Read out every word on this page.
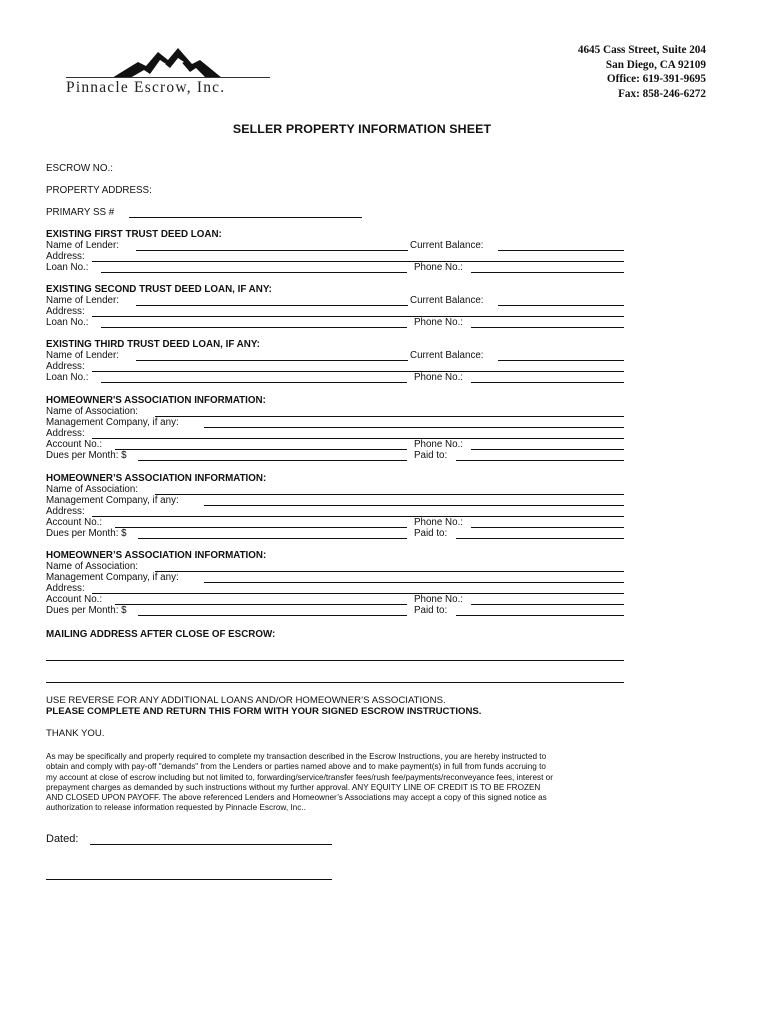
Pinnacle Escrow, Inc.
4645 Cass Street, Suite 204
San Diego, CA 92109
Office: 619-391-9695
Fax: 858-246-6272
SELLER PROPERTY INFORMATION SHEET
ESCROW NO.:
PROPERTY ADDRESS:
PRIMARY SS #
EXISTING FIRST TRUST DEED LOAN:
Name of Lender:	Current Balance:
Address:
Loan No.:	Phone No.:
EXISTING SECOND TRUST DEED LOAN, IF ANY:
Name of Lender:	Current Balance:
Address:
Loan No.:	Phone No.:
EXISTING THIRD TRUST DEED LOAN, IF ANY:
Name of Lender:	Current Balance:
Address:
Loan No.:	Phone No.:
HOMEOWNER'S ASSOCIATION INFORMATION:
Name of Association:
Management Company, if any:
Address:
Account No.:	Phone No.:
Dues per Month: $	Paid to:
HOMEOWNER’S ASSOCIATION INFORMATION:
Name of Association:
Management Company, if any:
Address:
Account No.:	Phone No.:
Dues per Month: $	Paid to:
HOMEOWNER’S ASSOCIATION INFORMATION:
Name of Association:
Management Company, if any:
Address:
Account No.:	Phone No.:
Dues per Month: $	Paid to:
MAILING ADDRESS AFTER CLOSE OF ESCROW:
USE REVERSE FOR ANY ADDITIONAL LOANS AND/OR HOMEOWNER’S ASSOCIATIONS.
PLEASE COMPLETE AND RETURN THIS FORM WITH YOUR SIGNED ESCROW INSTRUCTIONS.
THANK YOU.
As may be specifically and properly required to complete my transaction described in the Escrow Instructions, you are hereby instructed to
obtain and comply with pay-off "demands" from the Lenders or parties named above and to make payment(s) in full from funds accruing to
my account at close of escrow including but not limited to, forwarding/service/transfer fees/rush fee/payments/reconveyance fees, interest or
prepayment charges as demanded by such instructions without my further approval. ANY EQUITY LINE OF CREDIT IS TO BE FROZEN
AND CLOSED UPON PAYOFF. The above referenced Lenders and Homeowner’s Associations may accept a copy of this signed notice as
authorization to release information requested by Pinnacle Escrow, Inc..
Dated:
